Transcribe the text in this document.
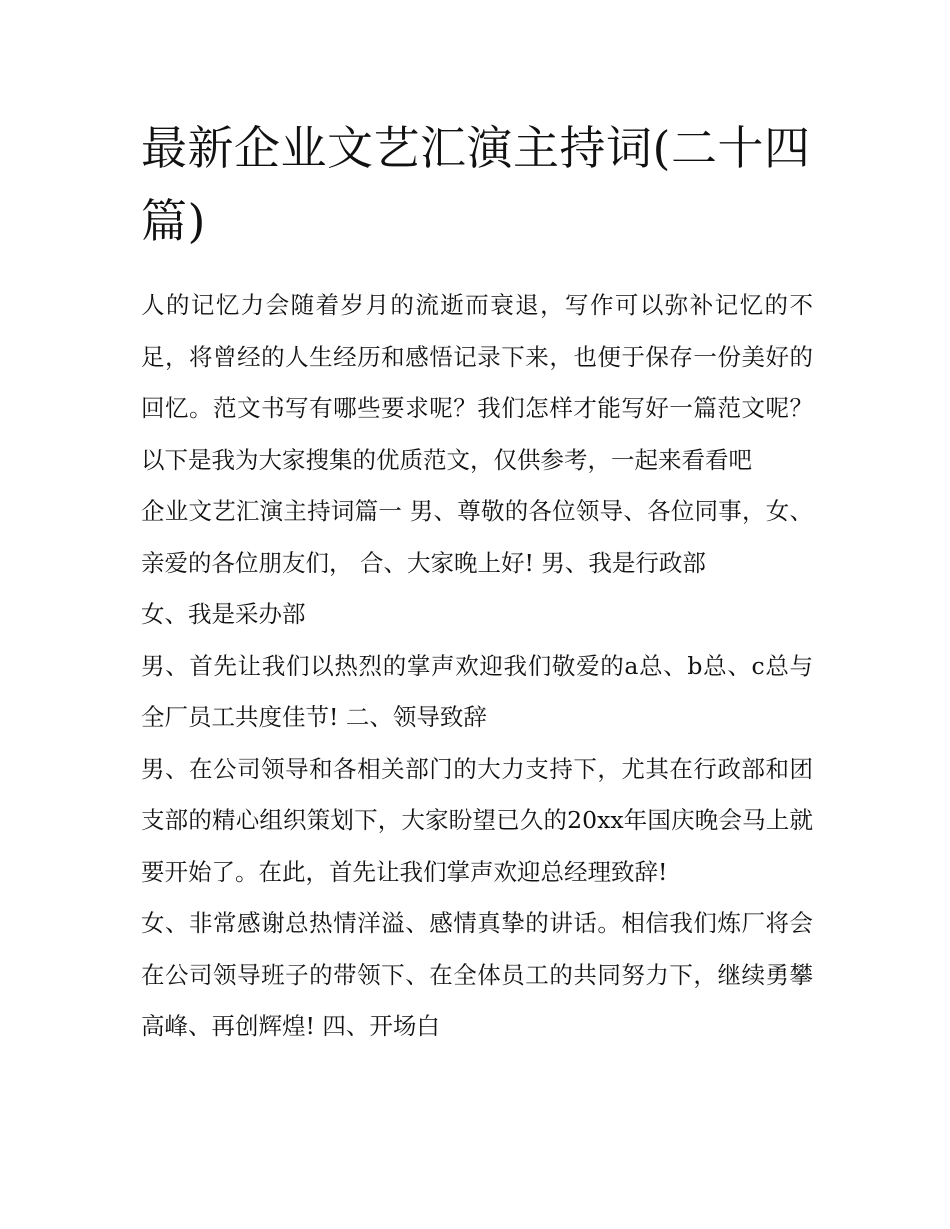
最新企业文艺汇演主持词(二十四篇)

人的记忆力会随着岁月的流逝而衰退，写作可以弥补记忆的不足，将曾经的人生经历和感悟记录下来，也便于保存一份美好的回忆。范文书写有哪些要求呢？我们怎样才能写好一篇范文呢？以下是我为大家搜集的优质范文，仅供参考，一起来看看吧

企业文艺汇演主持词篇一 男、尊敬的各位领导、各位同事，女、亲爱的各位朋友们， 合、大家晚上好! 男、我是行政部

女、我是采办部

男、首先让我们以热烈的掌声欢迎我们敬爱的a总、b总、c总与全厂员工共度佳节! 二、领导致辞

男、在公司领导和各相关部门的大力支持下，尤其在行政部和团支部的精心组织策划下，大家盼望已久的20xx年国庆晚会马上就要开始了。在此，首先让我们掌声欢迎总经理致辞!

女、非常感谢总热情洋溢、感情真挚的讲话。相信我们炼厂将会在公司领导班子的带领下、在全体员工的共同努力下，继续勇攀高峰、再创辉煌! 四、开场白
